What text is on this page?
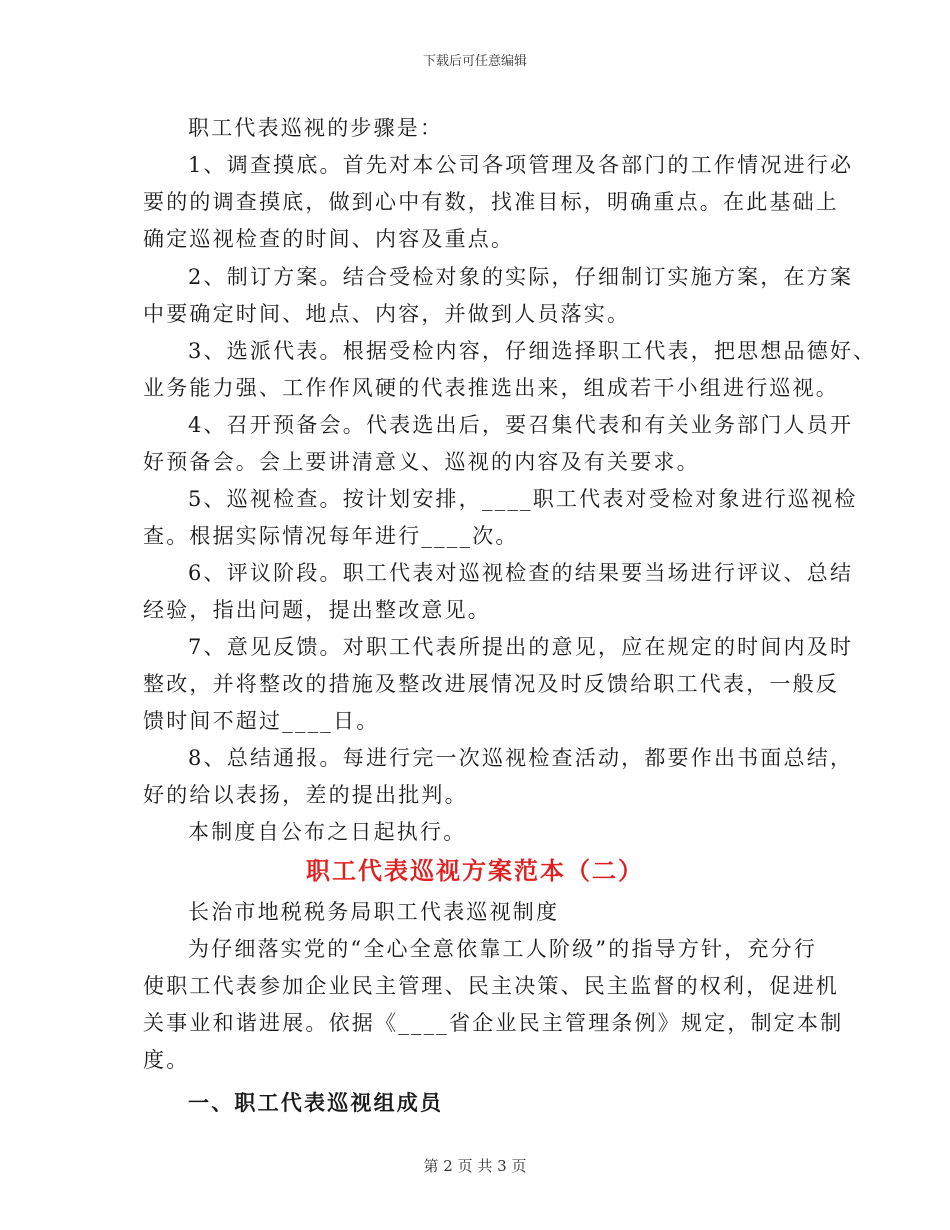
下载后可任意编辑
职工代表巡视的步骤是：
1、调查摸底。首先对本公司各项管理及各部门的工作情况进行必
要的的调查摸底，做到心中有数，找准目标，明确重点。在此基础上
确定巡视检查的时间、内容及重点。
2、制订方案。结合受检对象的实际，仔细制订实施方案，在方案
中要确定时间、地点、内容，并做到人员落实。
3、选派代表。根据受检内容，仔细选择职工代表，把思想品德好、
业务能力强、工作作风硬的代表推选出来，组成若干小组进行巡视。
4、召开预备会。代表选出后，要召集代表和有关业务部门人员开
好预备会。会上要讲清意义、巡视的内容及有关要求。
5、巡视检查。按计划安排，____职工代表对受检对象进行巡视检
查。根据实际情况每年进行____次。
6、评议阶段。职工代表对巡视检查的结果要当场进行评议、总结
经验，指出问题，提出整改意见。
7、意见反馈。对职工代表所提出的意见，应在规定的时间内及时
整改，并将整改的措施及整改进展情况及时反馈给职工代表，一般反
馈时间不超过____日。
8、总结通报。每进行完一次巡视检查活动，都要作出书面总结，
好的给以表扬，差的提出批判。
本制度自公布之日起执行。
职工代表巡视方案范本（二）
长治市地税税务局职工代表巡视制度
为仔细落实党的“全心全意依靠工人阶级”的指导方针，充分行
使职工代表参加企业民主管理、民主决策、民主监督的权利，促进机
关事业和谐进展。依据《____省企业民主管理条例》规定，制定本制
度。
一、职工代表巡视组成员
第 2 页 共 3 页
